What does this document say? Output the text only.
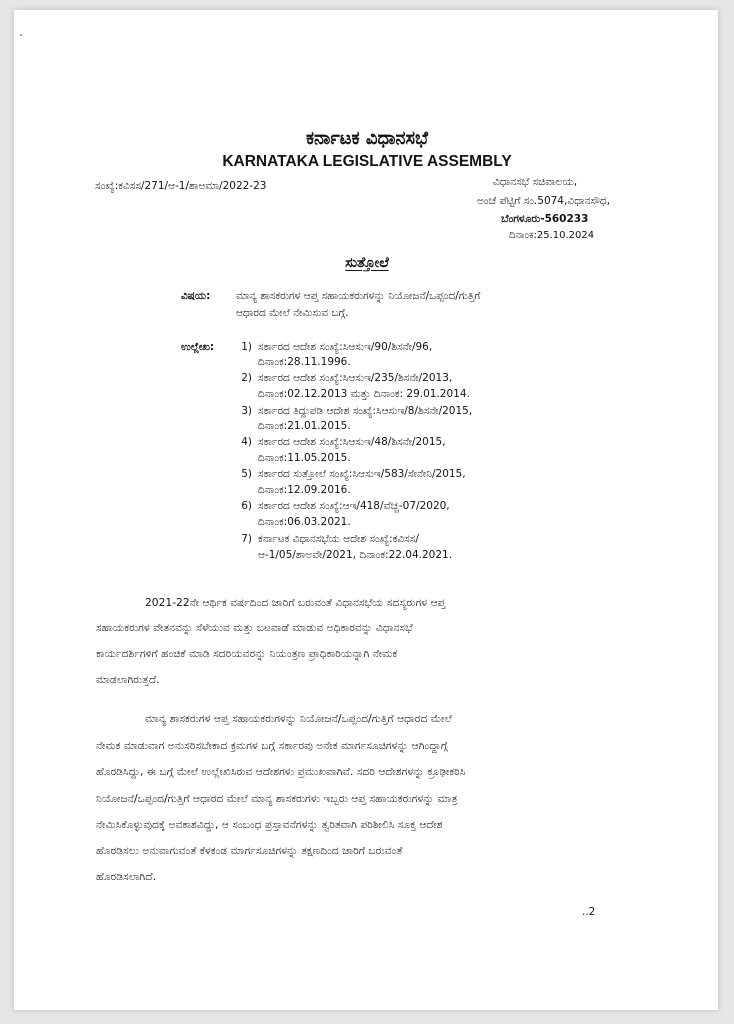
ಕರ್ನಾಟಕ ವಿಧಾನಸಭೆ
KARNATAKA LEGISLATIVE ASSEMBLY
ಸಂಖ್ಯೆ:ಕವಿಸಸ/271/ಆ-1/ಶಾಅಮಾ/2022-23	ವಿಧಾನಸಭೆ ಸಚಿವಾಲಯ,
ಅಂಚೆ ಪೆಟ್ಟಿಗೆ ಸಂ.5074,ವಿಧಾನಸೌಧ,
ಬೆಂಗಳೂರು-560233
ದಿನಾಂಕ:25.10.2024
ಸುತ್ತೋಲೆ
ವಿಷಯ: ಮಾನ್ಯ ಶಾಸಕರುಗಳ ಆಪ್ತ ಸಹಾಯಕರುಗಳನ್ನು ನಿಯೋಜನೆ/ಒಪ್ಪಂದ/ಗುತ್ತಿಗೆ
ಆಧಾರದ ಮೇಲೆ ನೇಮಿಸುವ ಬಗ್ಗೆ.
ಉಲ್ಲೇಖ:	1) ಸರ್ಕಾರದ ಆದೇಶ ಸಂಖ್ಯೆ:ಸಿಆಸುಇ/90/ಶಿಸನೇ/96,
ದಿನಾಂಕ:28.11.1996.
2) ಸರ್ಕಾರದ ಆದೇಶ ಸಂಖ್ಯೆ:ಸಿಆಸುಇ/235/ಶಿಸನೇ/2013,
ದಿನಾಂಕ:02.12.2013 ಮತ್ತು ದಿನಾಂಕ: 29.01.2014.
3) ಸರ್ಕಾರದ ತಿದ್ದುಪಡಿ ಆದೇಶ ಸಂಖ್ಯೆ:ಸಿಆಸುಇ/8/ಶಿಸನೇ/2015,
ದಿನಾಂಕ:21.01.2015.
4) ಸರ್ಕಾರದ ಆದೇಶ ಸಂಖ್ಯೆ:ಸಿಆಸುಇ/48/ಶಿಸನೇ/2015,
ದಿನಾಂಕ:11.05.2015.
5) ಸರ್ಕಾರದ ಸುತ್ತೋಲೆ ಸಂಖ್ಯೆ:ಸಿಆಸುಇ/583/ಸೇನೇನಿ/2015,
ದಿನಾಂಕ:12.09.2016.
6) ಸರ್ಕಾರದ ಆದೇಶ ಸಂಖ್ಯೆ:ಆಇ/418/ವೆಚ್ಚ-07/2020,
ದಿನಾಂಕ:06.03.2021.
7) ಕರ್ನಾಟಕ ವಿಧಾನಸಭೆಯ ಆದೇಶ ಸಂಖ್ಯೆ:ಕವಿಸಸ/
ಆ-1/05/ಶಾಅವೇ/2021, ದಿನಾಂಕ:22.04.2021.
2021-22ನೇ ಆರ್ಥಿಕ ವರ್ಷದಿಂದ ಜಾರಿಗೆ ಬರುವಂತೆ ವಿಧಾನಸಭೆಯ ಸದಸ್ಯರುಗಳ ಆಪ್ತ
ಸಹಾಯಕರುಗಳ ವೇತನವನ್ನು ಸೆಳೆಯುವ ಮತ್ತು ಬಟವಾಡೆ ಮಾಡುವ ಅಧಿಕಾರವನ್ನು ವಿಧಾನಸಭೆ
ಕಾರ್ಯದರ್ಶಿಗಳಿಗೆ ಹಂಚಿಕೆ ಮಾಡಿ ಸದರಿಯವರನ್ನು ನಿಯಂತ್ರಣ ಪ್ರಾಧಿಕಾರಿಯನ್ನಾಗಿ ನೇಮಕ
ಮಾಡಲಾಗಿರುತ್ತದೆ.
ಮಾನ್ಯ ಶಾಸಕರುಗಳ ಆಪ್ತ ಸಹಾಯಕರುಗಳನ್ನು ನಿಯೋಜನೆ/ಒಪ್ಪಂದ/ಗುತ್ತಿಗೆ ಆಧಾರದ ಮೇಲೆ
ನೇಮಕ ಮಾಡುವಾಗ ಅನುಸರಿಸಬೇಕಾದ ಕ್ರಮಗಳ ಬಗ್ಗೆ ಸರ್ಕಾರವು ಅನೇಕ ಮಾರ್ಗಸೂಚಿಗಳನ್ನು ಆಗಿಂದ್ದಾಗ್ಗೆ
ಹೊರಡಿಸಿದ್ದು, ಈ ಬಗ್ಗೆ ಮೇಲೆ ಉಲ್ಲೇಖಿಸಿರುವ ಆದೇಶಗಳು ಪ್ರಮುಖವಾಗಿವೆ. ಸದರಿ ಆದೇಶಗಳನ್ನು ಕ್ರೂಢೀಕರಿಸಿ
ನಿಯೋಜನೆ/ಒಪ್ಪಂದ/ಗುತ್ತಿಗೆ ಆಧಾರದ ಮೇಲೆ ಮಾನ್ಯ ಶಾಸಕರುಗಳು ಇಬ್ಬರು ಆಪ್ತ ಸಹಾಯಕರುಗಳನ್ನು ಮಾತ್ರ
ನೇಮಿಸಿಕೊಳ್ಳುವುದಕ್ಕೆ ಅವಕಾಶವಿದ್ದು, ಆ ಸಂಬಂಧ ಪ್ರಸ್ತಾವನೆಗಳನ್ನು ತ್ವರಿತವಾಗಿ ಪರಿಶೀಲಿಸಿ ಸೂಕ್ತ ಆದೇಶ
ಹೊರಡಿಸಲು ಅನುವಾಗುವಂತೆ ಕೆಳಕಂಡ ಮಾರ್ಗಸೂಚಿಗಳನ್ನು ತಕ್ಷಣದಿಂದ ಜಾರಿಗೆ ಬರುವಂತೆ
ಹೊರಡಿಸಲಾಗಿದೆ.
..2
